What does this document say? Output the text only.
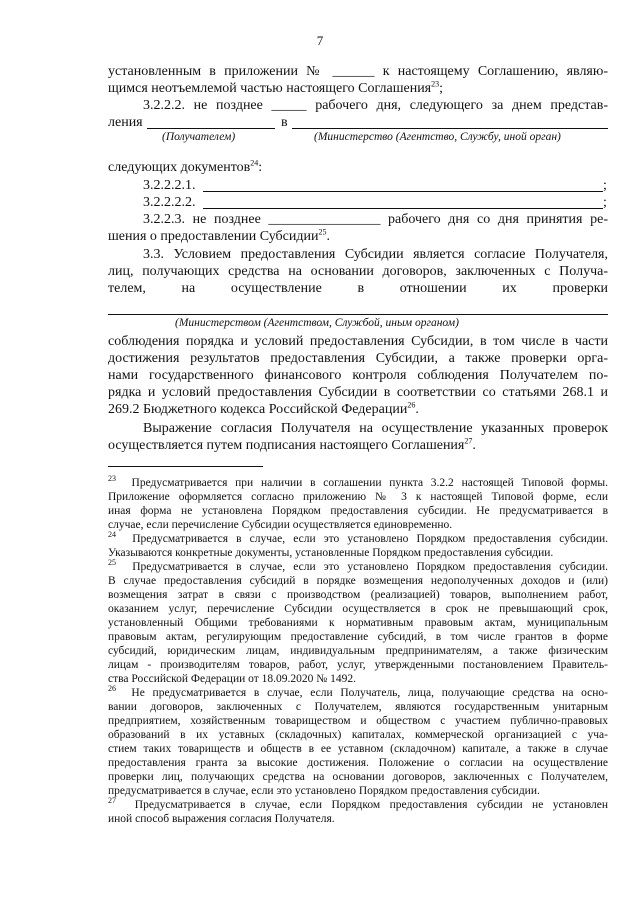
7
установленным в приложении № ______ к настоящему Соглашению, являю-
щимся неотъемлемой частью настоящего Соглашения$^{23}$;
3.2.2.2. не позднее _____ рабочего дня, следующего за днем представ-
ления	в
(Получателем)	(Министерство (Агентство, Службу, иной орган)
следующих документов$^{24}$:
3.2.2.2.1.	;
3.2.2.2.2.	;
3.2.2.3. не позднее ________________ рабочего дня со дня принятия ре-
шения о предоставлении Субсидии$^{25}$.
3.3. Условием предоставления Субсидии является согласие Получателя,
лиц, получающих средства на основании договоров, заключенных с Получа-
телем, на осуществление в отношении их проверки
(Министерством (Агентством, Службой, иным органом)
соблюдения порядка и условий предоставления Субсидии, в том числе в части
достижения результатов предоставления Субсидии, а также проверки орга-
нами государственного финансового контроля соблюдения Получателем по-
рядка и условий предоставления Субсидии в соответствии со статьями 268.1 и
269.2 Бюджетного кодекса Российской Федерации$^{26}$.
Выражение согласия Получателя на осуществление указанных проверок
осуществляется путем подписания настоящего Соглашения$^{27}$.
$^{23}$ Предусматривается при наличии в соглашении пункта 3.2.2 настоящей Типовой формы.
Приложение оформляется согласно приложению № 3 к настоящей Типовой форме, если
иная форма не установлена Порядком предоставления субсидии. Не предусматривается в
случае, если перечисление Субсидии осуществляется единовременно.
$^{24}$ Предусматривается в случае, если это установлено Порядком предоставления субсидии.
Указываются конкретные документы, установленные Порядком предоставления субсидии.
$^{25}$ Предусматривается в случае, если это установлено Порядком предоставления субсидии.
В случае предоставления субсидий в порядке возмещения недополученных доходов и (или)
возмещения затрат в связи с производством (реализацией) товаров, выполнением работ,
оказанием услуг, перечисление Субсидии осуществляется в срок не превышающий срок,
установленный Общими требованиями к нормативным правовым актам, муниципальным
правовым актам, регулирующим предоставление субсидий, в том числе грантов в форме
субсидий, юридическим лицам, индивидуальным предпринимателям, а также физическим
лицам - производителям товаров, работ, услуг, утвержденными постановлением Правитель-
ства Российской Федерации от 18.09.2020 № 1492.
$^{26}$ Не предусматривается в случае, если Получатель, лица, получающие средства на осно-
вании договоров, заключенных с Получателем, являются государственным унитарным
предприятием, хозяйственным товариществом и обществом с участием публично-правовых
образований в их уставных (складочных) капиталах, коммерческой организацией с уча-
стием таких товариществ и обществ в ее уставном (складочном) капитале, а также в случае
предоставления гранта за высокие достижения. Положение о согласии на осуществление
проверки лиц, получающих средства на основании договоров, заключенных с Получателем,
предусматривается в случае, если это установлено Порядком предоставления субсидии.
$^{27}$ Предусматривается в случае, если Порядком предоставления субсидии не установлен
иной способ выражения согласия Получателя.
